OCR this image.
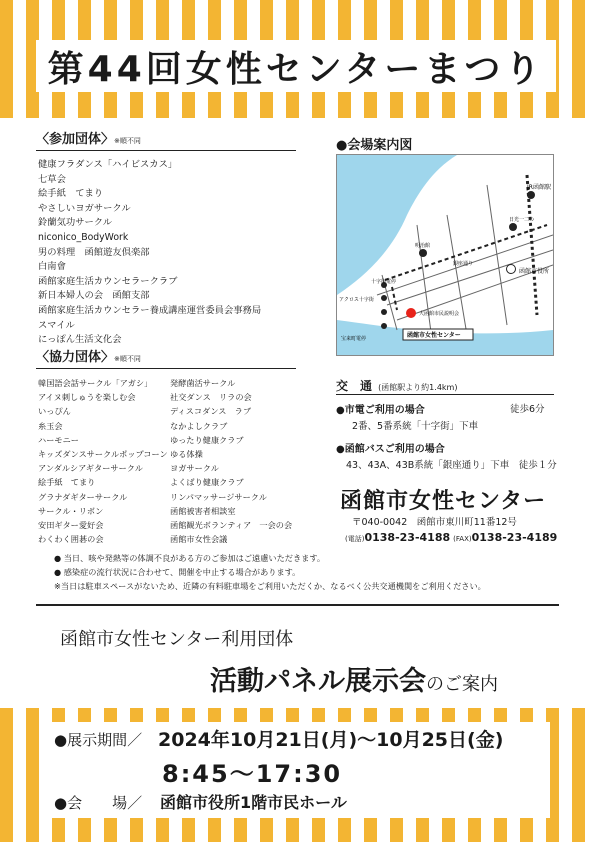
第44回女性センターまつり
〈参加団体〉※順不同
健康フラダンス「ハイビスカス」
七草会
絵手紙　てまり
やさしいヨガサークル
鈴蘭気功サークル
niconico_BodyWork
男の料理　函館遊友倶楽部
白南會
函館家庭生活カウンセラークラブ
新日本婦人の会　函館支部
函館家庭生活カウンセラー養成講座運営委員会事務局
スマイル
にっぽん生活文化会
〈協力団体〉※順不同
韓国語会話サークル「アガシ」
アイヌ刺しゅうを楽しむ会
いっぴん
糸玉会
ハーモニー
キッズダンスサークルポップコーン
アンダルシアギターサークル
絵手紙　てまり
グラナダギターサークル
サークル・リボン
安田ギター愛好会
わくわく囲碁の会
発酵菌活サークル
社交ダンス　リラの会
ディスコダンス　ラブ
なかよしクラブ
ゆったり健康クラブ
ゆる体操
ヨガサークル
よくばり健康クラブ
リンパマッサージサークル
函館被害者相談室
函館観光ボランティア　一会の会
函館市女性会議
●会場案内図
JR函館駅
日光一二の
函館市役所
明治館
十字街電停
アクロス十字街
宝来町電停
大函館市民説明会
函館市女性センター
銀座通り
交　通 (函館駅より約1.4km)
●市電ご利用の場合	徒歩6分
2番、5番系統「十字街」下車
●函館バスご利用の場合
43、43A、43B系統「銀座通り」下車　徒歩１分
函館市女性センター
〒040-0042　函館市東川町11番12号
(電話)0138-23-4188 (FAX)0138-23-4189
● 当日、咳や発熱等の体調不良がある方のご参加はご遠慮いただきます。
● 感染症の流行状況に合わせて、開催を中止する場合があります。
※当日は駐車スペースがないため、近隣の有料駐車場をご利用いただくか、なるべく公共交通機関をご利用ください。
函館市女性センター利用団体
活動パネル展示会のご案内
●展示期間／ 2024年10月21日(月)～10月25日(金)
8:45～17:30
●会　　場／ 函館市役所1階市民ホール
